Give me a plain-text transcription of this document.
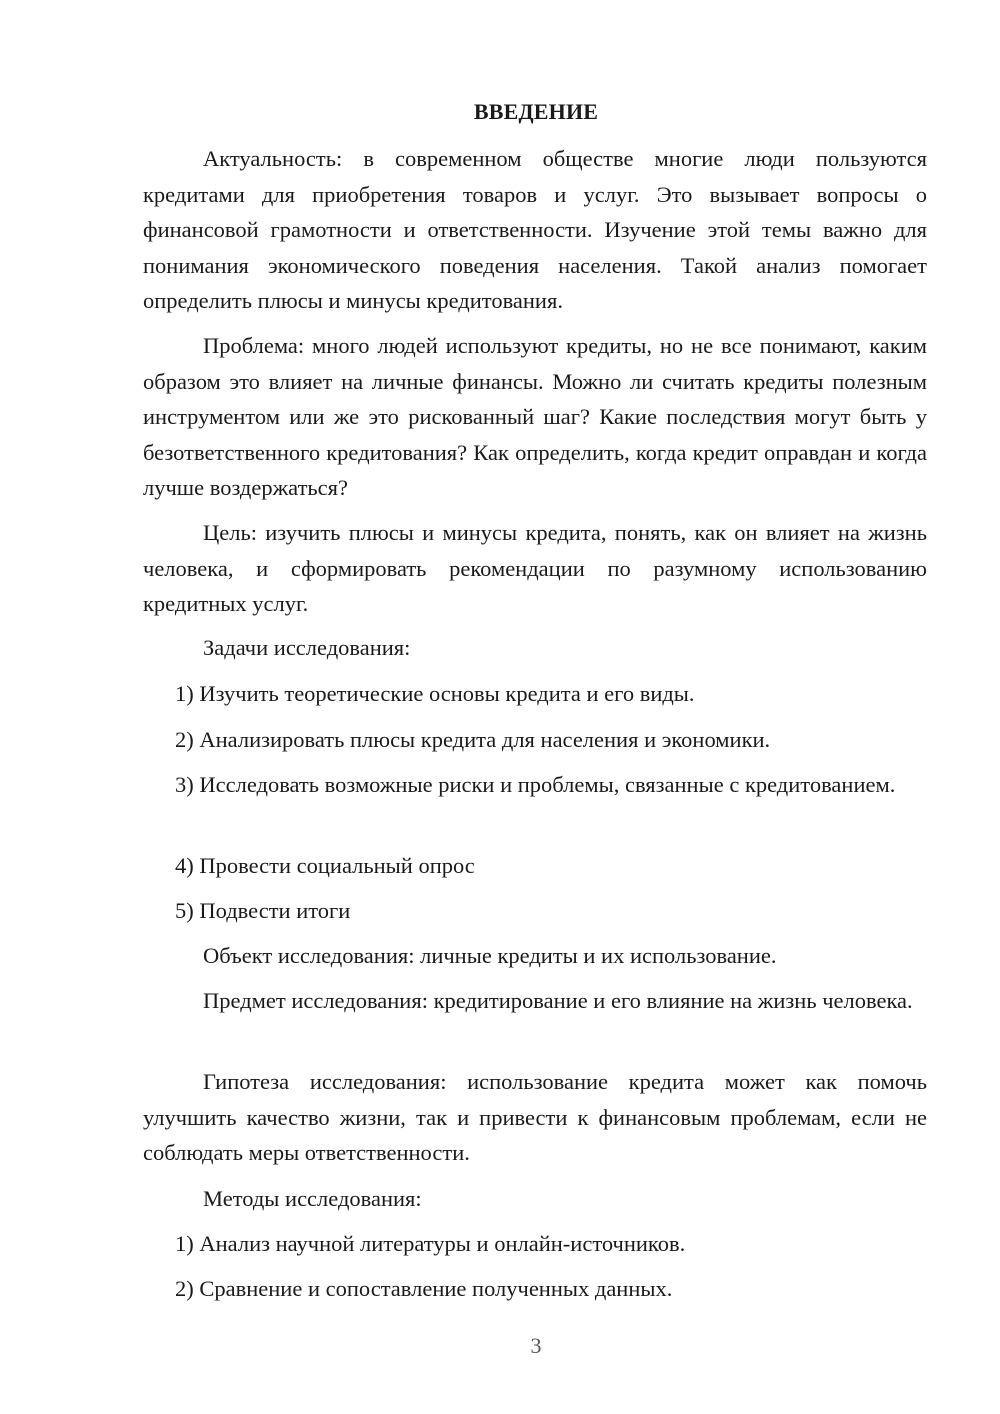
ВВЕДЕНИЕ

Актуальность: в современном обществе многие люди пользуются кредитами для приобретения товаров и услуг. Это вызывает вопросы о финансовой грамотности и ответственности. Изучение этой темы важно для понимания экономического поведения населения. Такой анализ помогает определить плюсы и минусы кредитования.

Проблема: много людей используют кредиты, но не все понимают, каким образом это влияет на личные финансы. Можно ли считать кредиты полезным инструментом или же это рискованный шаг? Какие последствия могут быть у безответственного кредитования? Как определить, когда кредит оправдан и когда лучше воздержаться?

Цель: изучить плюсы и минусы кредита, понять, как он влияет на жизнь человека, и сформировать рекомендации по разумному использованию кредитных услуг.

Задачи исследования:

1) Изучить теоретические основы кредита и его виды.

2) Анализировать плюсы кредита для населения и экономики.

3) Исследовать возможные риски и проблемы, связанные с кредитованием.

4) Провести социальный опрос

5) Подвести итоги

Объект исследования: личные кредиты и их использование.

Предмет исследования: кредитирование и его влияние на жизнь человека.

Гипотеза исследования: использование кредита может как помочь улучшить качество жизни, так и привести к финансовым проблемам, если не соблюдать меры ответственности.

Методы исследования:

1) Анализ научной литературы и онлайн-источников.

2) Сравнение и сопоставление полученных данных.

3
